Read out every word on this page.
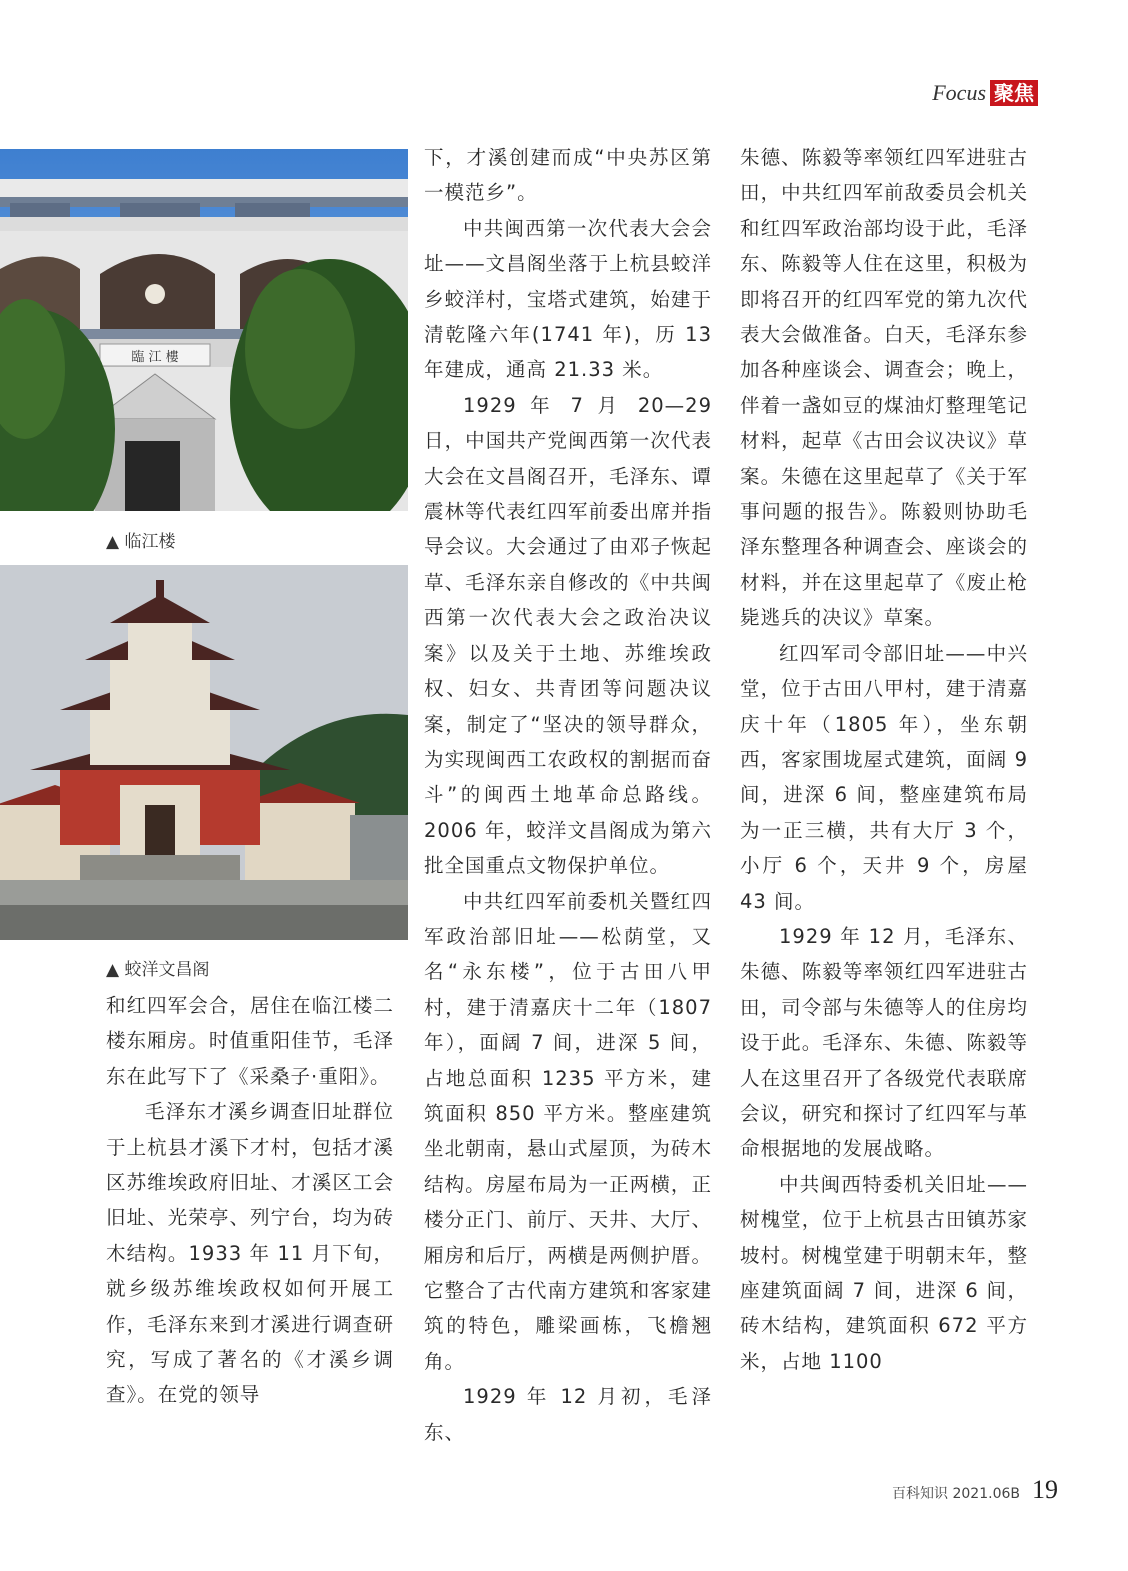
Focus 聚焦
臨 江 樓
▲ 临江楼
▲ 蛟洋文昌阁

和红四军会合，居住在临江楼二楼东厢房。时值重阳佳节，毛泽东在此写下了《采桑子·重阳》。

毛泽东才溪乡调查旧址群位于上杭县才溪下才村，包括才溪区苏维埃政府旧址、才溪区工会旧址、光荣亭、列宁台，均为砖木结构。1933 年 11 月下旬，就乡级苏维埃政权如何开展工作，毛泽东来到才溪进行调查研究，写成了著名的《才溪乡调查》。在党的领导

下，才溪创建而成“中央苏区第一模范乡”。

中共闽西第一次代表大会会址——文昌阁坐落于上杭县蛟洋乡蛟洋村，宝塔式建筑，始建于清乾隆六年(1741 年)，历 13 年建成，通高 21.33 米。

1929 年 7 月 20—29 日，中国共产党闽西第一次代表大会在文昌阁召开，毛泽东、谭震林等代表红四军前委出席并指导会议。大会通过了由邓子恢起草、毛泽东亲自修改的《中共闽西第一次代表大会之政治决议案》以及关于土地、苏维埃政权、妇女、共青团等问题决议案，制定了“坚决的领导群众，为实现闽西工农政权的割据而奋斗”的闽西土地革命总路线。2006 年，蛟洋文昌阁成为第六批全国重点文物保护单位。

中共红四军前委机关暨红四军政治部旧址——松荫堂，又名“永东楼”，位于古田八甲村，建于清嘉庆十二年（1807 年），面阔 7 间，进深 5 间，占地总面积 1235 平方米，建筑面积 850 平方米。整座建筑坐北朝南，悬山式屋顶，为砖木结构。房屋布局为一正两横，正楼分正门、前厅、天井、大厅、厢房和后厅，两横是两侧护厝。它整合了古代南方建筑和客家建筑的特色，雕梁画栋，飞檐翘角。

1929 年 12 月初，毛泽东、

朱德、陈毅等率领红四军进驻古田，中共红四军前敌委员会机关和红四军政治部均设于此，毛泽东、陈毅等人住在这里，积极为即将召开的红四军党的第九次代表大会做准备。白天，毛泽东参加各种座谈会、调查会；晚上，伴着一盏如豆的煤油灯整理笔记材料，起草《古田会议决议》草案。朱德在这里起草了《关于军事问题的报告》。陈毅则协助毛泽东整理各种调查会、座谈会的材料，并在这里起草了《废止枪毙逃兵的决议》草案。

红四军司令部旧址——中兴堂，位于古田八甲村，建于清嘉庆十年（1805 年），坐东朝西，客家围垅屋式建筑，面阔 9 间，进深 6 间，整座建筑布局为一正三横，共有大厅 3 个，小厅 6 个，天井 9 个，房屋 43 间。

1929 年 12 月，毛泽东、朱德、陈毅等率领红四军进驻古田，司令部与朱德等人的住房均设于此。毛泽东、朱德、陈毅等人在这里召开了各级党代表联席会议，研究和探讨了红四军与革命根据地的发展战略。

中共闽西特委机关旧址——树槐堂，位于上杭县古田镇苏家坡村。树槐堂建于明朝末年，整座建筑面阔 7 间，进深 6 间，砖木结构，建筑面积 672 平方米，占地 1100

百科知识 2021.06B 19
